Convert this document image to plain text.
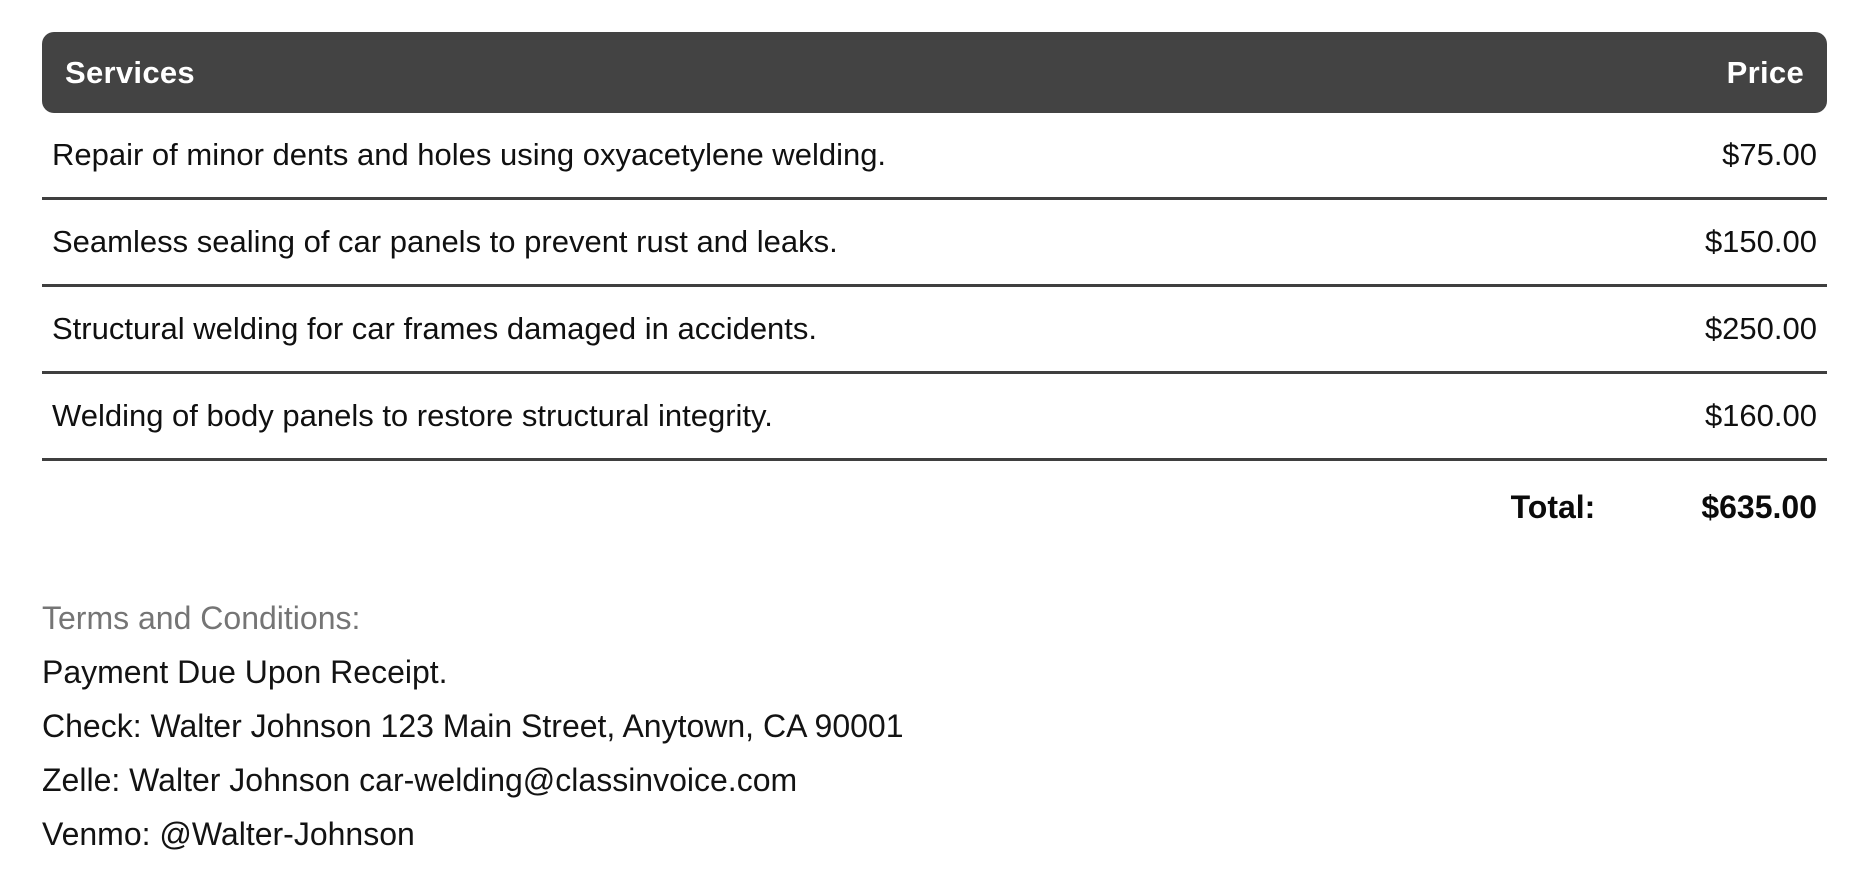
Services	Price
Repair of minor dents and holes using oxyacetylene welding.	$75.00
Seamless sealing of car panels to prevent rust and leaks.	$150.00
Structural welding for car frames damaged in accidents.	$250.00
Welding of body panels to restore structural integrity.	$160.00
Total:	$635.00

Terms and Conditions:

Payment Due Upon Receipt.

Check: Walter Johnson 123 Main Street, Anytown, CA 90001

Zelle: Walter Johnson car-welding@classinvoice.com

Venmo: @Walter-Johnson
